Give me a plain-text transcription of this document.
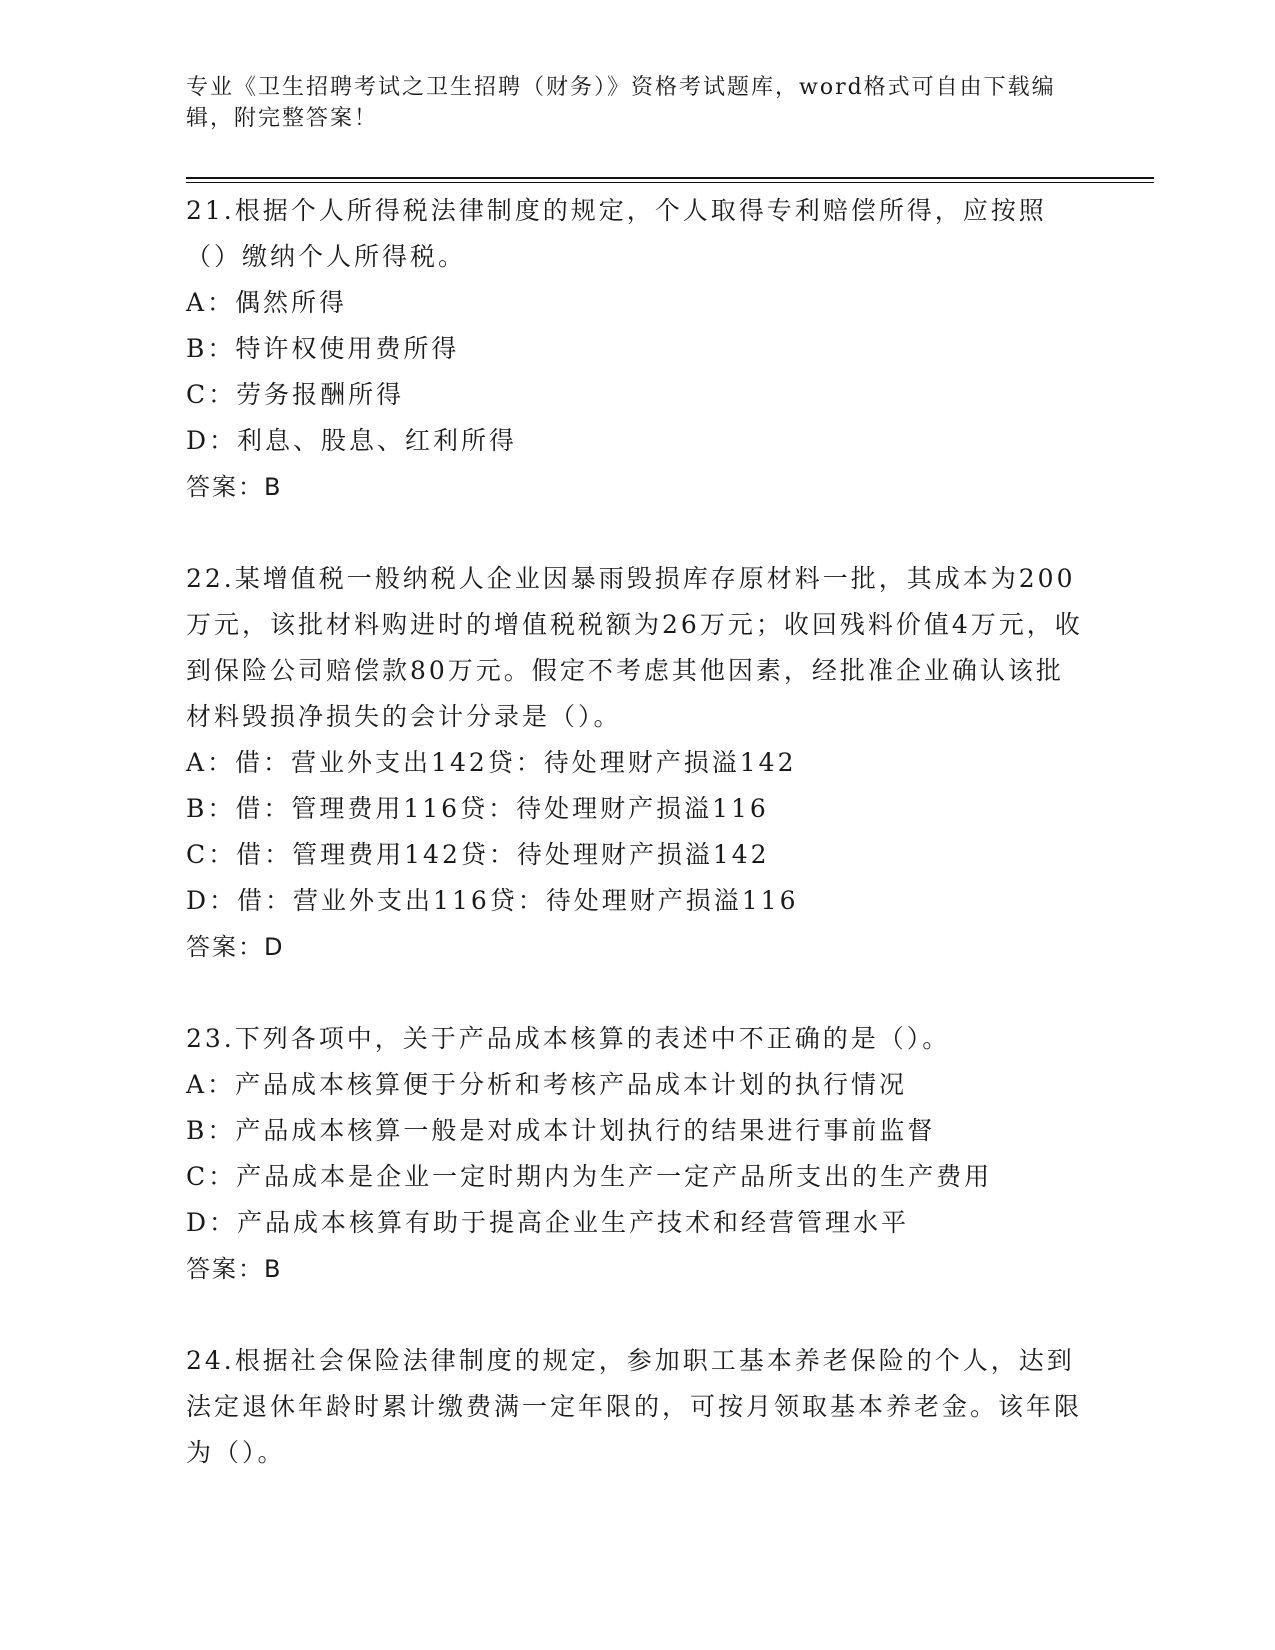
专业《卫生招聘考试之卫生招聘（财务）》资格考试题库，word格式可自由下载编辑，附完整答案！

21.根据个人所得税法律制度的规定，个人取得专利赔偿所得，应按照（）缴纳个人所得税。

A：偶然所得

B：特许权使用费所得

C：劳务报酬所得

D：利息、股息、红利所得

答案：B

22.某增值税一般纳税人企业因暴雨毁损库存原材料一批，其成本为200万元，该批材料购进时的增值税税额为26万元；收回残料价值4万元，收到保险公司赔偿款80万元。假定不考虑其他因素，经批准企业确认该批材料毁损净损失的会计分录是（）。

A：借：营业外支出142贷：待处理财产损溢142

B：借：管理费用116贷：待处理财产损溢116

C：借：管理费用142贷：待处理财产损溢142

D：借：营业外支出116贷：待处理财产损溢116

答案：D

23.下列各项中，关于产品成本核算的表述中不正确的是（）。

A：产品成本核算便于分析和考核产品成本计划的执行情况

B：产品成本核算一般是对成本计划执行的结果进行事前监督

C：产品成本是企业一定时期内为生产一定产品所支出的生产费用

D：产品成本核算有助于提高企业生产技术和经营管理水平

答案：B

24.根据社会保险法律制度的规定，参加职工基本养老保险的个人，达到法定退休年龄时累计缴费满一定年限的，可按月领取基本养老金。该年限为（）。
